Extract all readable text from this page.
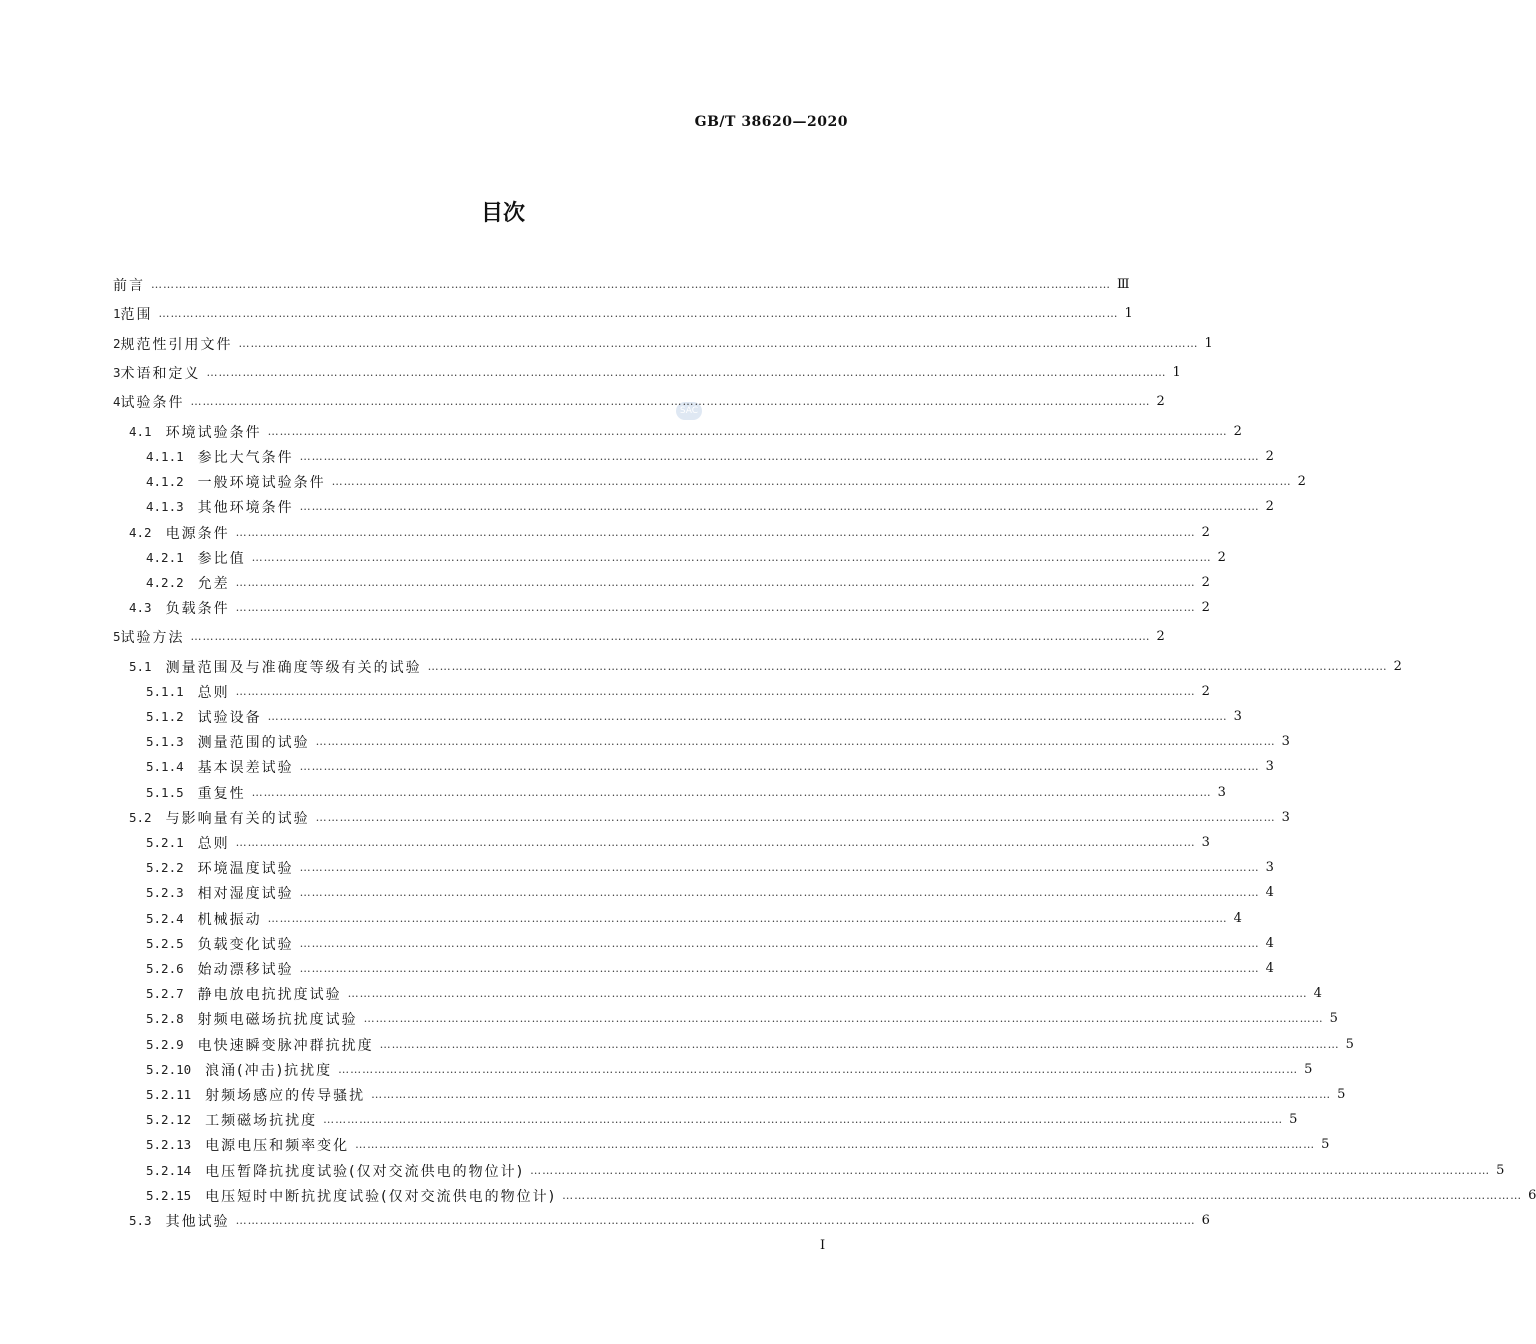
GB/T 38620—2020
目次
SAC
前言 ……………………………………………………………………………………………………………………………………………………………………………………………………………………	Ⅲ
1 范围 ……………………………………………………………………………………………………………………………………………………………………………………………………………………	1
2 规范性引用文件 ……………………………………………………………………………………………………………………………………………………………………………………………………………………	1
3 术语和定义 ……………………………………………………………………………………………………………………………………………………………………………………………………………………	1
4 试验条件 ……………………………………………………………………………………………………………………………………………………………………………………………………………………	2
4.1 环境试验条件 ……………………………………………………………………………………………………………………………………………………………………………………………………………………	2
4.1.1 参比大气条件 ……………………………………………………………………………………………………………………………………………………………………………………………………………………	2
4.1.2 一般环境试验条件 ……………………………………………………………………………………………………………………………………………………………………………………………………………………	2
4.1.3 其他环境条件 ……………………………………………………………………………………………………………………………………………………………………………………………………………………	2
4.2 电源条件 ……………………………………………………………………………………………………………………………………………………………………………………………………………………	2
4.2.1 参比值 ……………………………………………………………………………………………………………………………………………………………………………………………………………………	2
4.2.2 允差 ……………………………………………………………………………………………………………………………………………………………………………………………………………………	2
4.3 负载条件 ……………………………………………………………………………………………………………………………………………………………………………………………………………………	2
5 试验方法 ……………………………………………………………………………………………………………………………………………………………………………………………………………………	2
5.1 测量范围及与准确度等级有关的试验 ……………………………………………………………………………………………………………………………………………………………………………………………………………………	2
5.1.1 总则 ……………………………………………………………………………………………………………………………………………………………………………………………………………………	2
5.1.2 试验设备 ……………………………………………………………………………………………………………………………………………………………………………………………………………………	3
5.1.3 测量范围的试验 ……………………………………………………………………………………………………………………………………………………………………………………………………………………	3
5.1.4 基本误差试验 ……………………………………………………………………………………………………………………………………………………………………………………………………………………	3
5.1.5 重复性 ……………………………………………………………………………………………………………………………………………………………………………………………………………………	3
5.2 与影响量有关的试验 ……………………………………………………………………………………………………………………………………………………………………………………………………………………	3
5.2.1 总则 ……………………………………………………………………………………………………………………………………………………………………………………………………………………	3
5.2.2 环境温度试验 ……………………………………………………………………………………………………………………………………………………………………………………………………………………	3
5.2.3 相对湿度试验 ……………………………………………………………………………………………………………………………………………………………………………………………………………………	4
5.2.4 机械振动 ……………………………………………………………………………………………………………………………………………………………………………………………………………………	4
5.2.5 负载变化试验 ……………………………………………………………………………………………………………………………………………………………………………………………………………………	4
5.2.6 始动漂移试验 ……………………………………………………………………………………………………………………………………………………………………………………………………………………	4
5.2.7 静电放电抗扰度试验 ……………………………………………………………………………………………………………………………………………………………………………………………………………………	4
5.2.8 射频电磁场抗扰度试验 ……………………………………………………………………………………………………………………………………………………………………………………………………………………	5
5.2.9 电快速瞬变脉冲群抗扰度 ……………………………………………………………………………………………………………………………………………………………………………………………………………………	5
5.2.10 浪涌(冲击)抗扰度 ……………………………………………………………………………………………………………………………………………………………………………………………………………………	5
5.2.11 射频场感应的传导骚扰 ……………………………………………………………………………………………………………………………………………………………………………………………………………………	5
5.2.12 工频磁场抗扰度 ……………………………………………………………………………………………………………………………………………………………………………………………………………………	5
5.2.13 电源电压和频率变化 ……………………………………………………………………………………………………………………………………………………………………………………………………………………	5
5.2.14 电压暂降抗扰度试验(仅对交流供电的物位计) ……………………………………………………………………………………………………………………………………………………………………………………………………………………	5
5.2.15 电压短时中断抗扰度试验(仅对交流供电的物位计) ……………………………………………………………………………………………………………………………………………………………………………………………………………………	6
5.3 其他试验 ……………………………………………………………………………………………………………………………………………………………………………………………………………………	6
Ⅰ
